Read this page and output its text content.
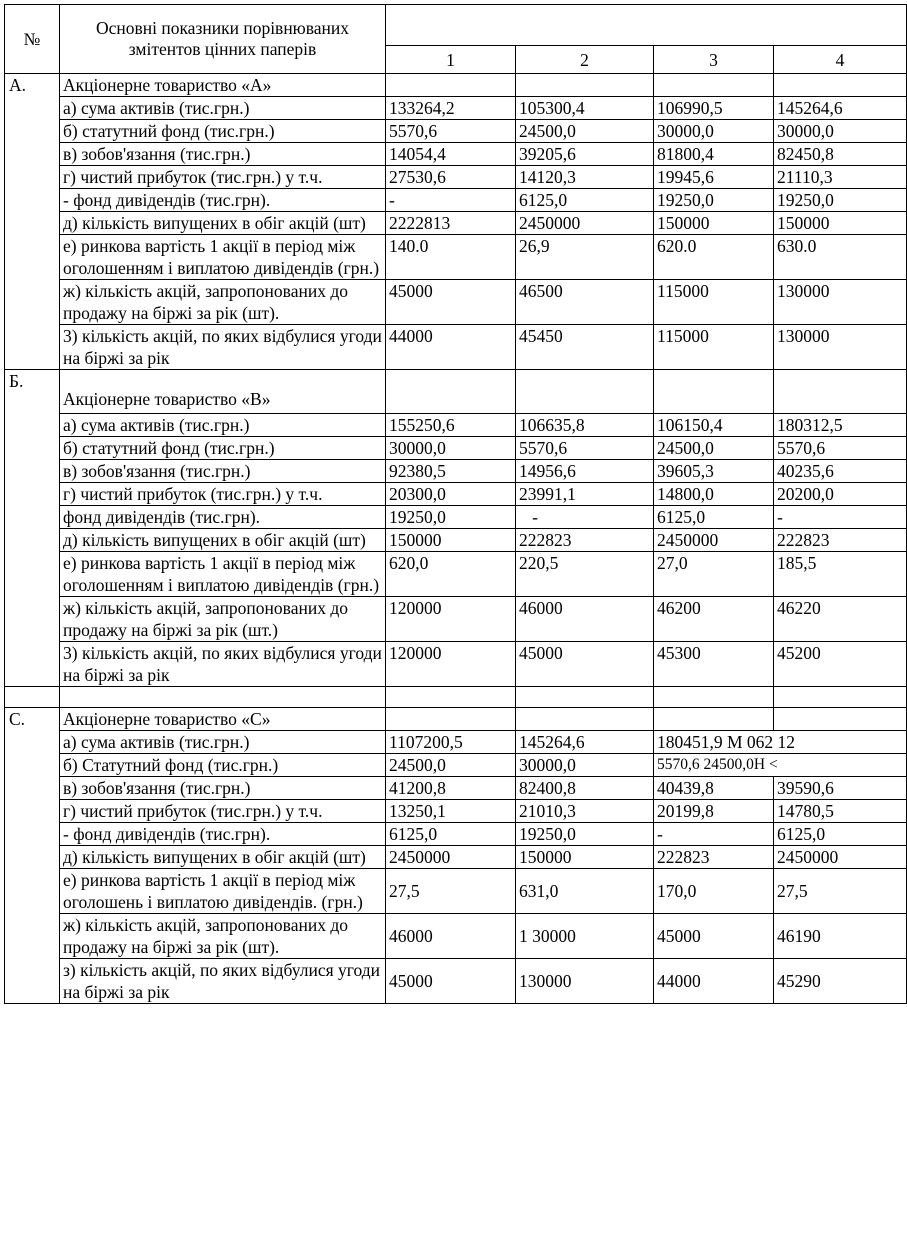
№	Основні показники порівнюваних змітентов цінних паперів				
		1	2	3	4
А.	Акціонерне товариство «А»				
	а) сума активів (тис.грн.)	133264,2	105300,4	106990,5	145264,6
	б) статутний фонд (тис.грн.)	5570,6	24500,0	30000,0	30000,0
	в) зобов'язання (тис.грн.)	14054,4	39205,6	81800,4	82450,8
	г) чистий прибуток (тис.грн.) у т.ч.	27530,6	14120,3	19945,6	21110,3
	- фонд дивідендів (тис.грн).	-	6125,0	19250,0	19250,0
	д) кількість випущених в обіг акцій (шт)	2222813	2450000	150000	150000
	е) ринкова вартість 1 акції в період між оголошенням і виплатою дивідендів (грн.)	140.0	26,9	620.0	630.0
	ж) кількість акцій, запропонованих до продажу на біржі за рік (шт).	45000	46500	115000	130000
	3) кількість акцій, по яких відбулися угоди на біржі за рік	44000	45450	115000	130000
Б.	Акціонерне товариство «В»				
	а) сума активів (тис.грн.)	155250,6	106635,8	106150,4	180312,5
	б) статутний фонд (тис.грн.)	30000,0	5570,6	24500,0	5570,6
	в) зобов'язання (тис.грн.)	92380,5	14956,6	39605,3	40235,6
	г) чистий прибуток (тис.грн.) у т.ч.	20300,0	23991,1	14800,0	20200,0
	фонд дивідендів (тис.грн).	19250,0	-	6125,0	-
	д) кількість випущених в обіг акцій (шт)	150000	222823	2450000	222823
	е) ринкова вартість 1 акції в період між оголошенням і виплатою дивідендів (грн.)	620,0	220,5	27,0	185,5
	ж) кількість акцій, запропонованих до продажу на біржі за рік (шт.)	120000	46000	46200	46220
	3) кількість акцій, по яких відбулися угоди на біржі за рік	120000	45000	45300	45200

С.	Акціонерне товариство «С»				
	а) сума активів (тис.грн.)	1107200,5	145264,6	180451,9 М 062 12	
	б) Статутний фонд (тис.грн.)	24500,0	30000,0	5570,6 24500,0Н <	
	в) зобов'язання (тис.грн.)	41200,8	82400,8	40439,8	39590,6
	г) чистий прибуток (тис.грн.) у т.ч.	13250,1	21010,3	20199,8	14780,5
	- фонд дивідендів (тис.грн).	6125,0	19250,0	-	6125,0
	д) кількість випущених в обіг акцій (шт)	2450000	150000	222823	2450000
	е) ринкова вартість 1 акції в період між оголошень і виплатою дивідендів. (грн.)	27,5	631,0	170,0	27,5
	ж) кількість акцій, запропонованих до продажу на біржі за рік (шт).	46000	1 30000	45000	46190
	з) кількість акцій, по яких відбулися угоди на біржі за рік	45000	130000	44000	45290
